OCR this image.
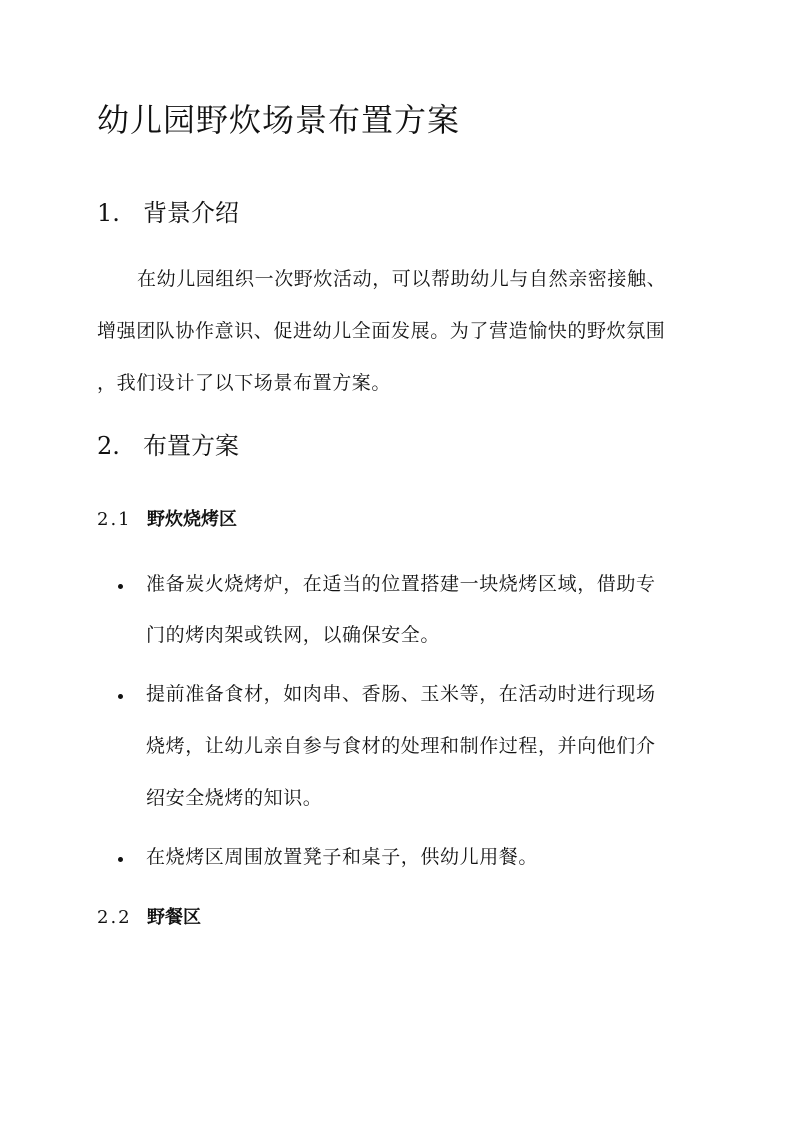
幼儿园野炊场景布置方案
1. 背景介绍
在幼儿园组织一次野炊活动，可以帮助幼儿与自然亲密接触、
增强团队协作意识、促进幼儿全面发展。为了营造愉快的野炊氛围
，我们设计了以下场景布置方案。
2. 布置方案
2.1 野炊烧烤区
准备炭火烧烤炉，在适当的位置搭建一块烧烤区域，借助专
门的烤肉架或铁网，以确保安全。
提前准备食材，如肉串、香肠、玉米等，在活动时进行现场
烧烤，让幼儿亲自参与食材的处理和制作过程，并向他们介
绍安全烧烤的知识。
在烧烤区周围放置凳子和桌子，供幼儿用餐。
2.2 野餐区
